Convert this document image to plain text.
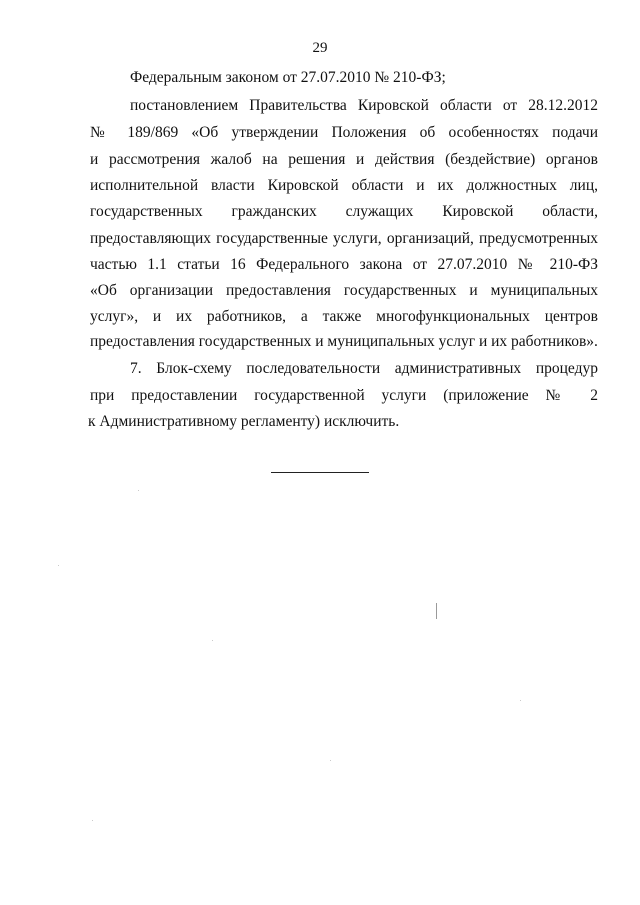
29
Федеральным законом от 27.07.2010 № 210-ФЗ;
постановлением Правительства Кировской области от 28.12.2012
№ 189/869 «Об утверждении Положения об особенностях подачи
и рассмотрения жалоб на решения и действия (бездействие) органов
исполнительной власти Кировской области и их должностных лиц,
государственных гражданских служащих Кировской области,
предоставляющих государственные услуги, организаций, предусмотренных
частью 1.1 статьи 16 Федерального закона от 27.07.2010 № 210-ФЗ
«Об организации предоставления государственных и муниципальных
услуг», и их работников, а также многофункциональных центров
предоставления государственных и муниципальных услуг и их работников».
7. Блок-схему последовательности административных процедур
при предоставлении государственной услуги (приложение № 2
к Административному регламенту) исключить.
